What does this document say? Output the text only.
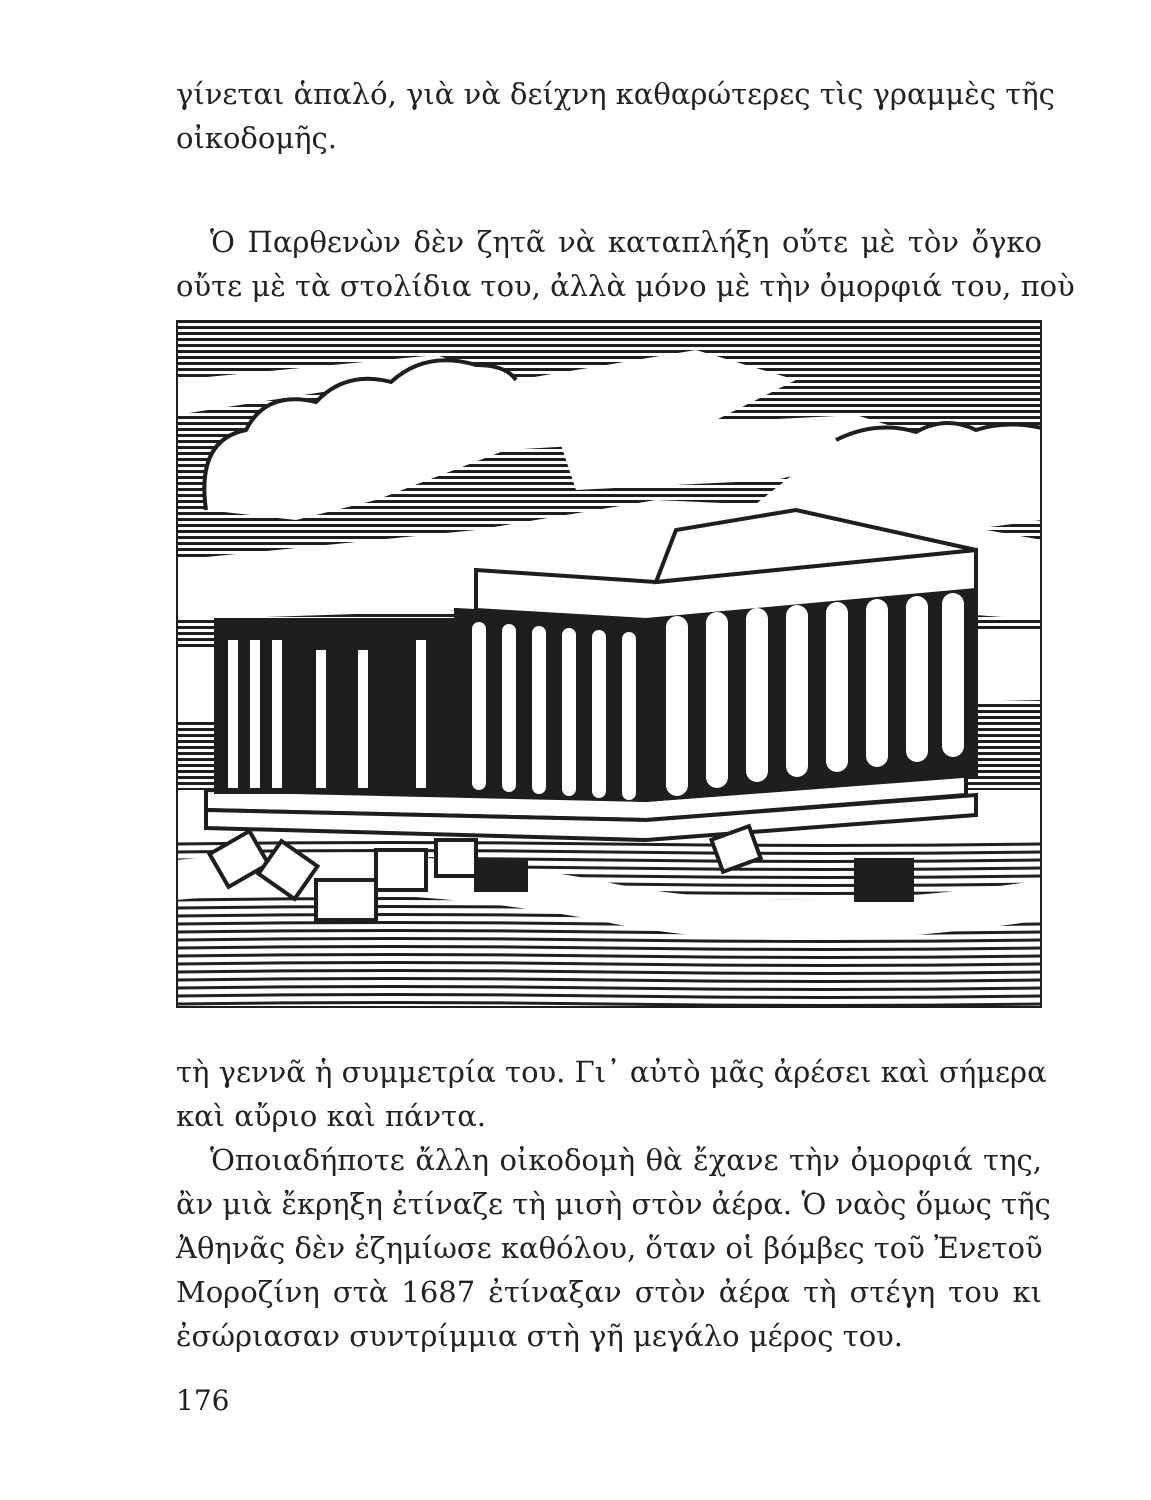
γίνεται ἁπαλό, γιὰ νὰ δείχνη καθαρώτερες τὶς γραμμὲς τῆς
οἰκοδομῆς.

Ὁ Παρθενὼν δὲν ζητᾶ νὰ καταπλήξη οὔτε μὲ τὸν ὄγκο
οὔτε μὲ τὰ στολίδια του, ἀλλὰ μόνο μὲ τὴν ὀμορφιά του, ποὺ

τὴ γεννᾶ ἡ συμμετρία του. Γι᾽ αὐτὸ μᾶς ἀρέσει καὶ σήμερα
καὶ αὔριο καὶ πάντα.

Ὁποιαδήποτε ἄλλη οἰκοδομὴ θὰ ἔχανε τὴν ὀμορφιά της,
ἂν μιὰ ἔκρηξη ἐτίναζε τὴ μισὴ στὸν ἀέρα. Ὁ ναὸς ὅμως τῆς
Ἀθηνᾶς δὲν ἐζημίωσε καθόλου, ὅταν οἱ βόμβες τοῦ Ἐνετοῦ
Μοροζίνη στὰ 1687 ἐτίναξαν στὸν ἀέρα τὴ στέγη του κι
ἐσώριασαν συντρίμμια στὴ γῆ μεγάλο μέρος του.

176
